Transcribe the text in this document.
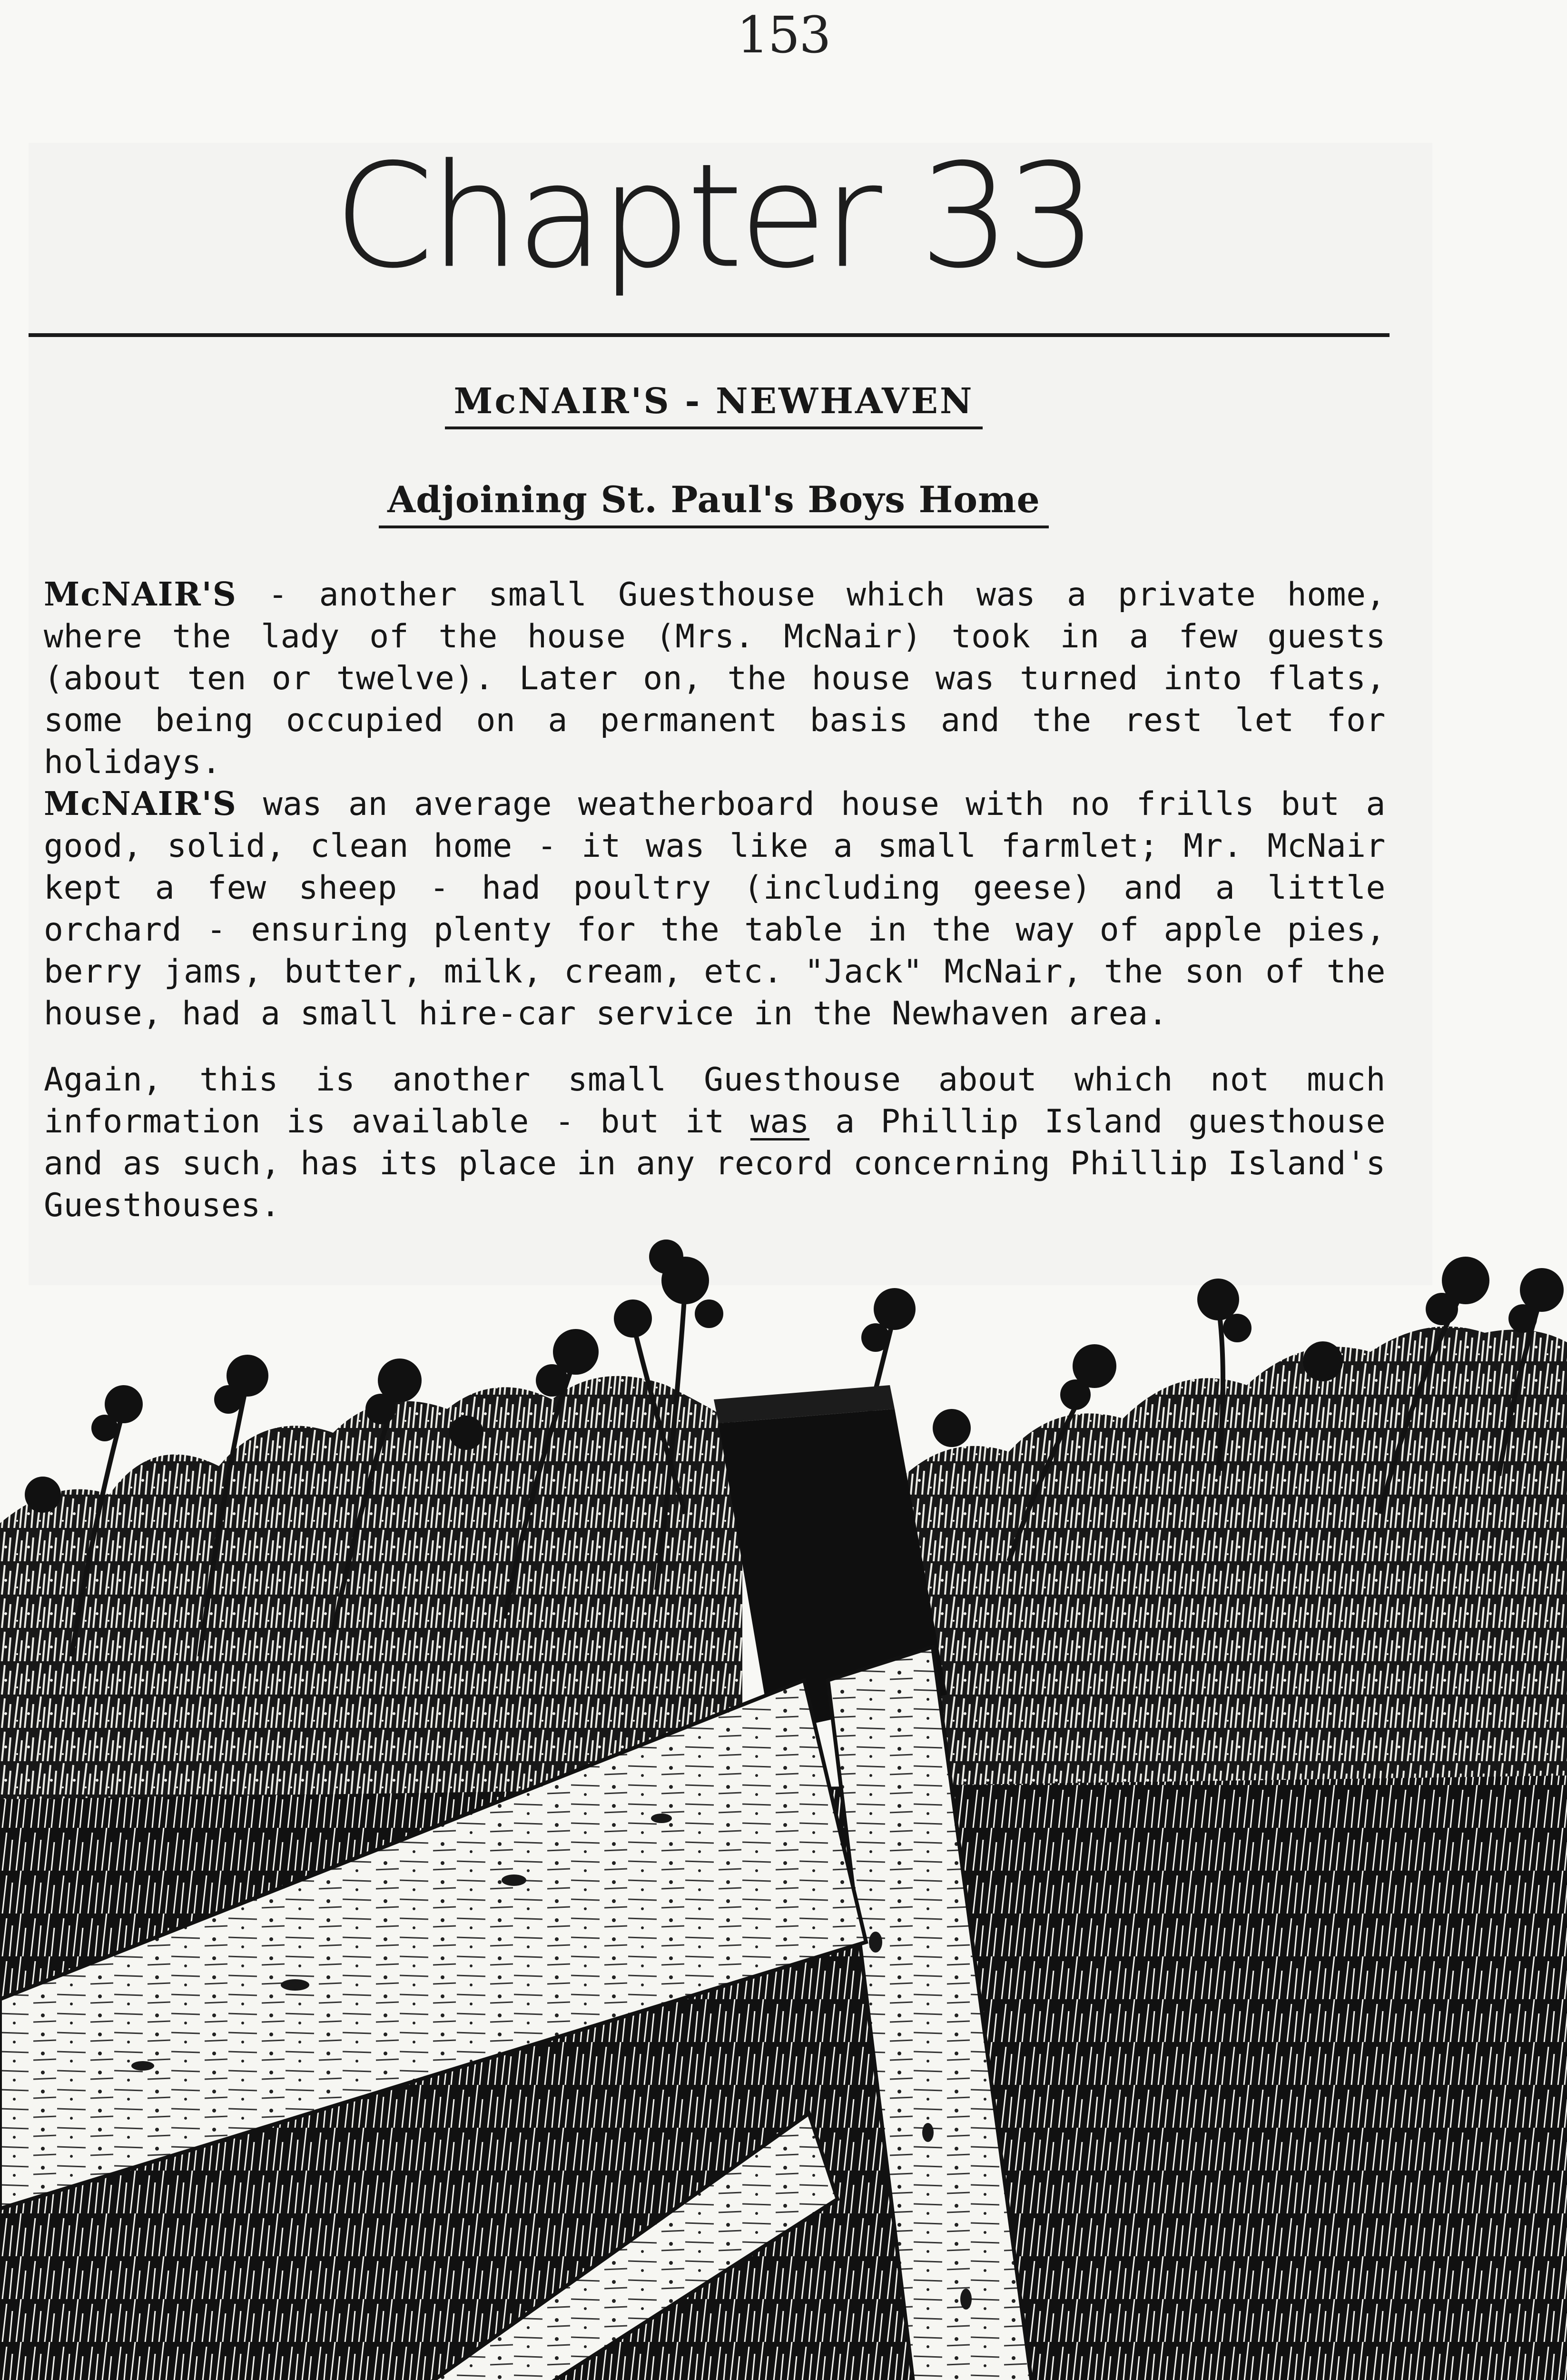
153
Chapter 33
McNAIR'S - NEWHAVEN
Adjoining St. Paul's Boys Home
McNAIR'S - another small Guesthouse which was a private home, where the lady of the house (Mrs. McNair) took in a few guests (about ten or twelve). Later on, the house was turned into flats, some being occupied on a permanent basis and the rest let for holidays.
McNAIR'S was an average weatherboard house with no frills but a good, solid, clean home - it was like a small farmlet; Mr. McNair kept a few sheep - had poultry (including geese) and a little orchard - ensuring plenty for the table in the way of apple pies, berry jams, butter, milk, cream, etc. "Jack" McNair, the son of the house, had a small hire-car service in the Newhaven area.
Again, this is another small Guesthouse about which not much information is available - but it was a Phillip Island guesthouse and as such, has its place in any record concerning Phillip Island's Guesthouses.
